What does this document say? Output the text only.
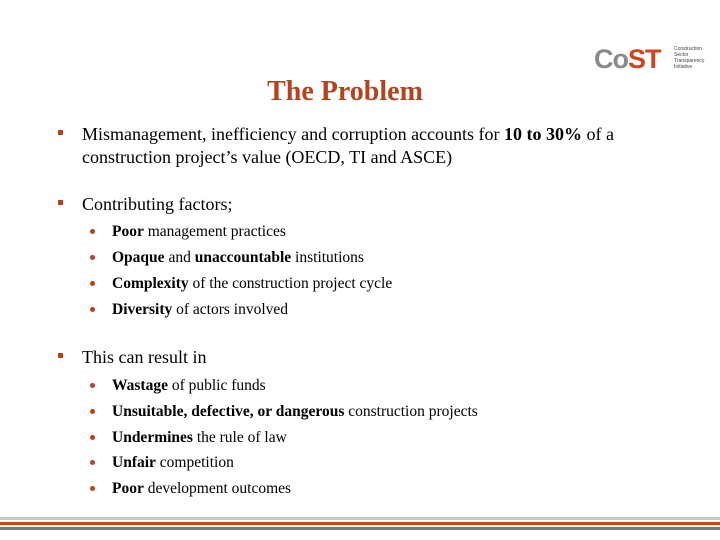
CoST	Construction
Sector
Transparency
Initiative
The Problem
Mismanagement, inefficiency and corruption accounts for 10 to 30% of a
construction project’s value (OECD, TI and ASCE)
Contributing factors;
Poor management practices
Opaque and unaccountable institutions
Complexity of the construction project cycle
Diversity of actors involved
This can result in
Wastage of public funds
Unsuitable, defective, or dangerous construction projects
Undermines the rule of law
Unfair competition
Poor development outcomes
